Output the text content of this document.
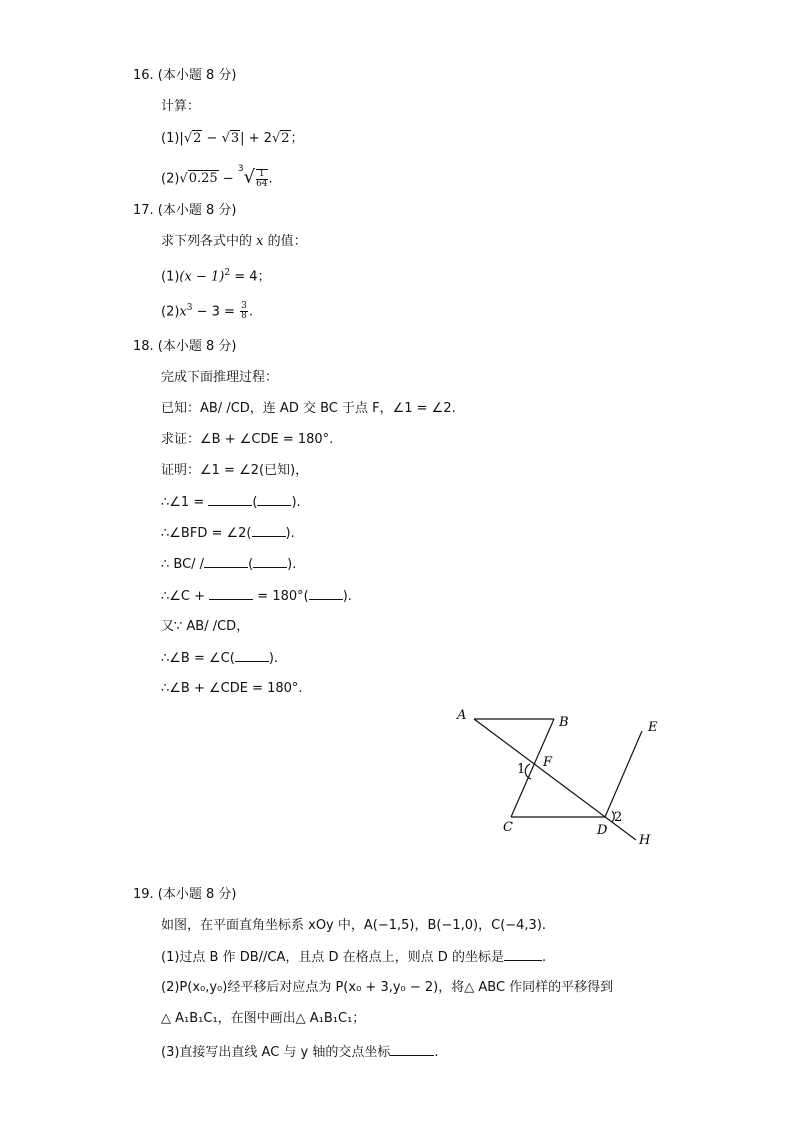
16. (本小题 8 分)
计算：
(1)|√2 − √3| + 2√2；
$(2)√0.25 - ^3√ \frac{1}{64}$ .
17. (本小题 8 分)
求下列各式中的 x 的值：
$(1)(x - 1)^2 = 4$；
$(2)x^3 - 3 = \frac{3}{8}$ .
18. (本小题 8 分)
完成下面推理过程：
已知：AB/ /CD，连 AD 交 BC 于点 F，∠1 = ∠2.
求证：∠B + ∠CDE = 180°.
证明：∠1 = ∠2(已知)，
∴∠1 =	(	).
∴∠BFD = ∠2(	).
∴ BC/ /	(	).
∴∠C +	= 180°(	).
又∵ AB/ /CD，
∴∠B = ∠C(	).
∴∠B + ∠CDE = 180°.
A	B
C	D
E
F
H
1
2
19. (本小题 8 分)
如图，在平面直角坐标系 xOy 中，A(−1,5)，B(−1,0)，C(−4,3).
(1)过点 B 作 DB//CA，且点 D 在格点上，则点 D 的坐标是	.
(2)P(x₀,y₀)经平移后对应点为 P(x₀ + 3,y₀ − 2)，将△ ABC 作同样的平移得到
△ A₁B₁C₁，在图中画出△ A₁B₁C₁；
(3)直接写出直线 AC 与 y 轴的交点坐标	.
